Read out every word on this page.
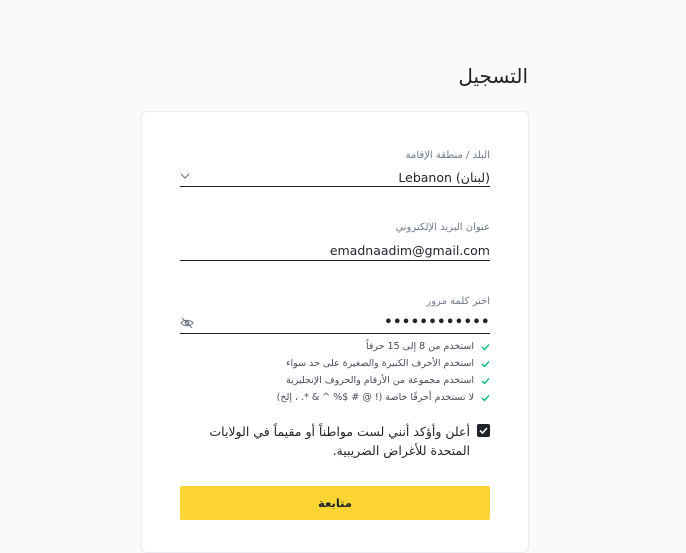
التسجيل
البلد / منطقة الإقامة
Lebanon (لبنان)
عنوان البريد الإلكتروني
emadnaadim@gmail.com
اختر كلمة مرور
••••••••••••
استخدم من 8 إلى 15 حرفاً
استخدم الأحرف الكبيرة والصغيرة على حد سواء
استخدم مجموعة من الأرقام والحروف الإنجليزية
لا تستخدم أحرفًا خاصة (! @ # $% ^ & *. ، إلخ)
أعلن وأؤكد أنني لست مواطناً أو مقيماً في الولايات المتحدة للأغراض الضريبية.
متابعة
